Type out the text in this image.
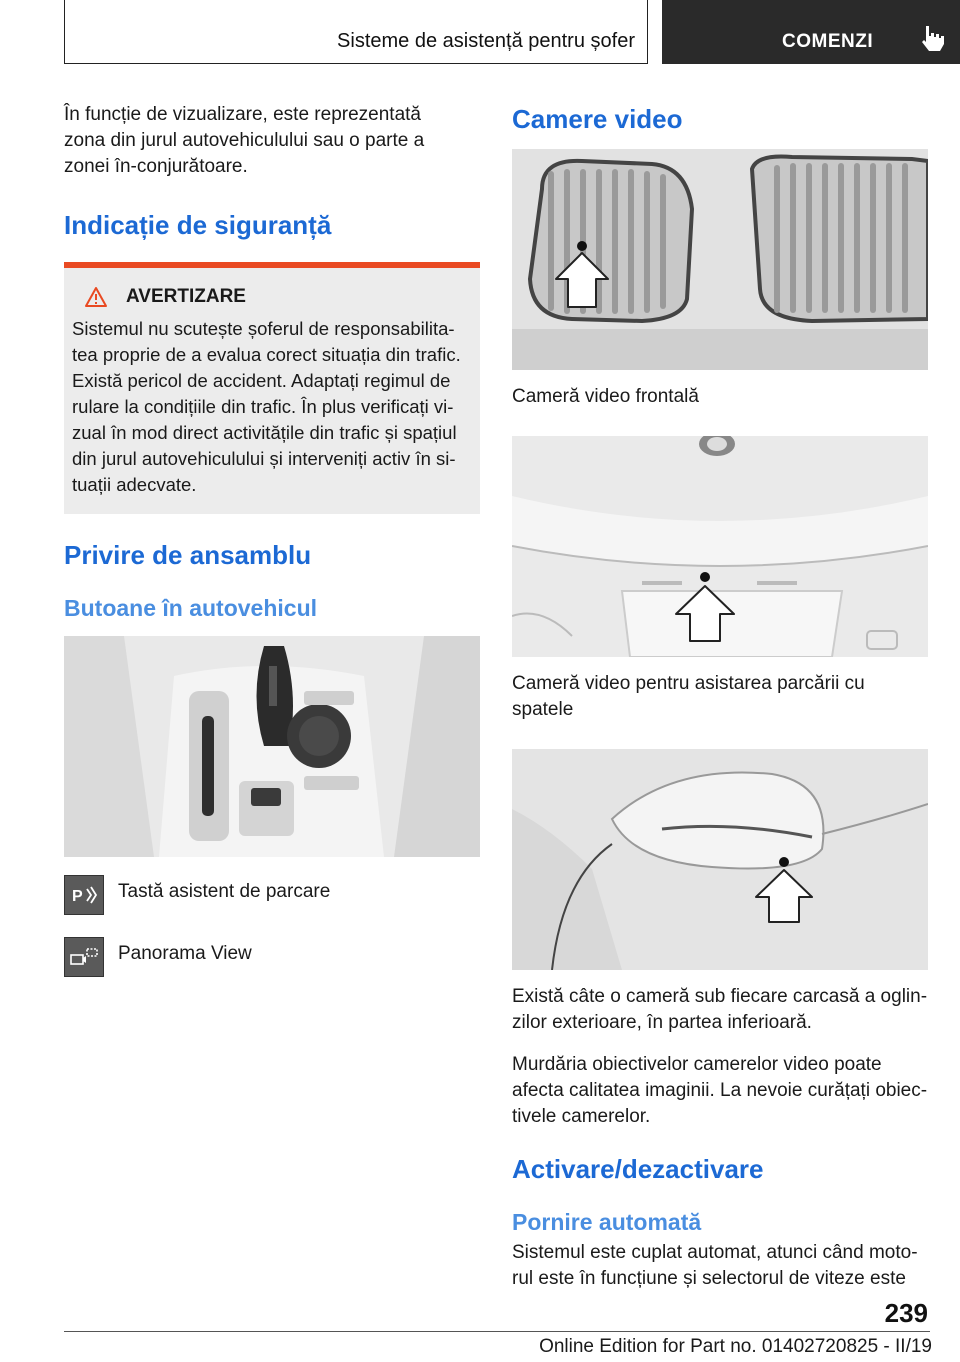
Sisteme de asistență pentru șofer	COMENZI

În funcție de vizualizare, este reprezentată zona din jurul autovehiculului sau o parte a zonei în-conjurătoare.

Indicație de siguranță
AVERTIZARE

Sistemul nu scutește șoferul de responsabilita-tea proprie de a evalua corect situația din trafic. Există pericol de accident. Adaptați regimul de rulare la condițiile din trafic. În plus verificați vi-zual în mod direct activitățile din trafic și spațiul din jurul autovehiculului și interveniți activ în si-tuații adecvate.

Privire de ansamblu
Butoane în autovehicul
P Tastă asistent de parcare

Panorama View

Camere video

Cameră video frontală

Cameră video pentru asistarea parcării cu spatele

Există câte o cameră sub fiecare carcasă a oglin-zilor exterioare, în partea inferioară.

Murdăria obiectivelor camerelor video poate afecta calitatea imaginii. La nevoie curățați obiec-tivele camerelor.

Activare/dezactivare
Pornire automată

Sistemul este cuplat automat, atunci când moto-rul este în funcțiune și selectorul de viteze este

239
Online Edition for Part no. 01402720825 - II/19
